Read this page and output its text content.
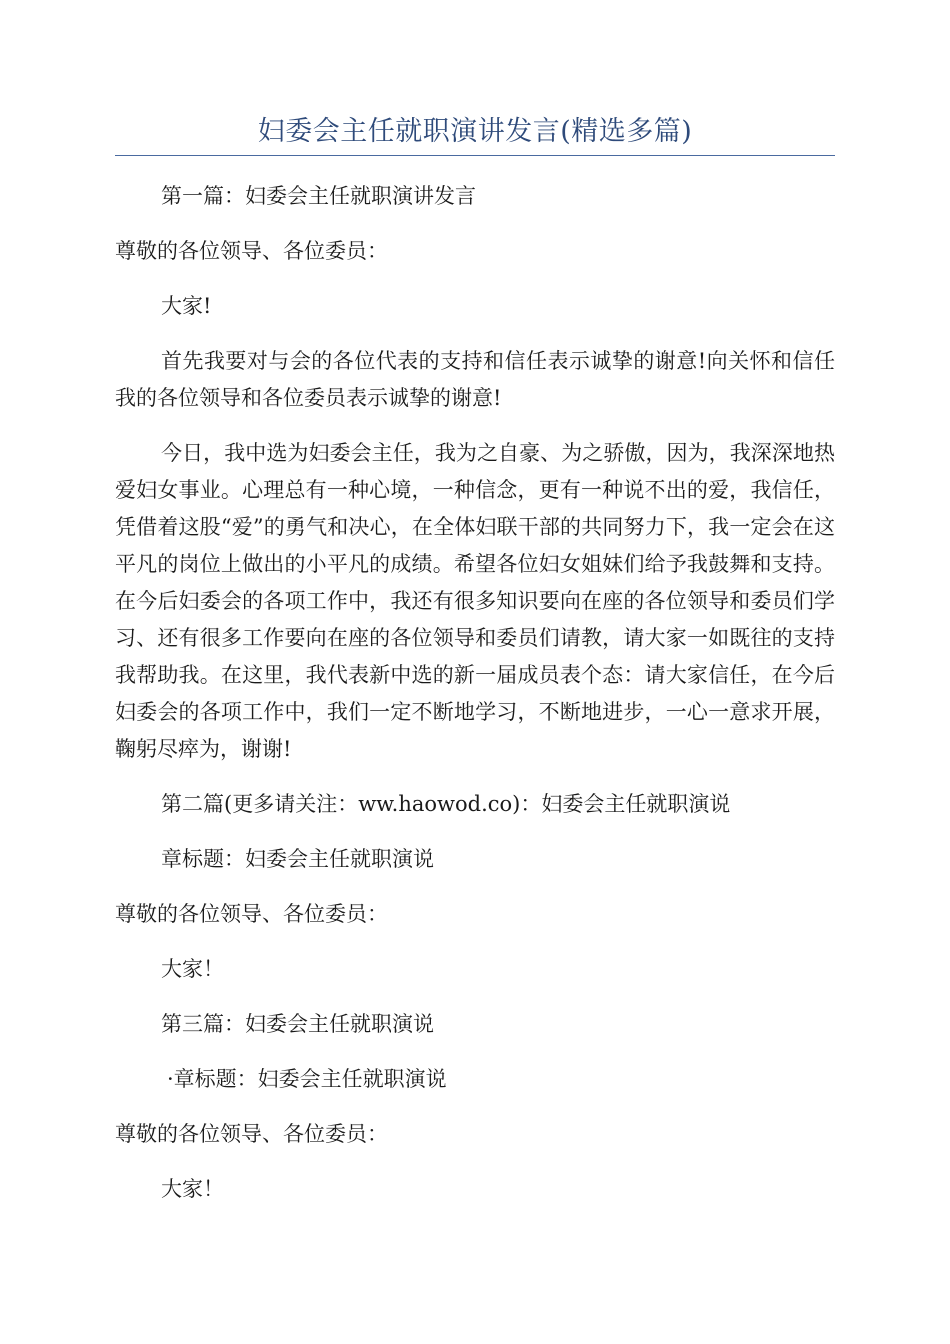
妇委会主任就职演讲发言(精选多篇)

第一篇：妇委会主任就职演讲发言

尊敬的各位领导、各位委员：

大家!

首先我要对与会的各位代表的支持和信任表示诚挚的谢意!向关怀和信任我的各位领导和各位委员表示诚挚的谢意!

今日，我中选为妇委会主任，我为之自豪、为之骄傲，因为，我深深地热爱妇女事业。心理总有一种心境，一种信念，更有一种说不出的爱，我信任，凭借着这股“爱”的勇气和决心，在全体妇联干部的共同努力下，我一定会在这平凡的岗位上做出的小平凡的成绩。希望各位妇女姐妹们给予我鼓舞和支持。在今后妇委会的各项工作中，我还有很多知识要向在座的各位领导和委员们学习、还有很多工作要向在座的各位领导和委员们请教，请大家一如既往的支持我帮助我。在这里，我代表新中选的新一届成员表个态：请大家信任，在今后妇委会的各项工作中，我们一定不断地学习，不断地进步，一心一意求开展，鞠躬尽瘁为，谢谢!

第二篇(更多请关注：ww.haowod.co)：妇委会主任就职演说

章标题：妇委会主任就职演说

尊敬的各位领导、各位委员：

大家！

第三篇：妇委会主任就职演说

·章标题：妇委会主任就职演说

尊敬的各位领导、各位委员：

大家！
